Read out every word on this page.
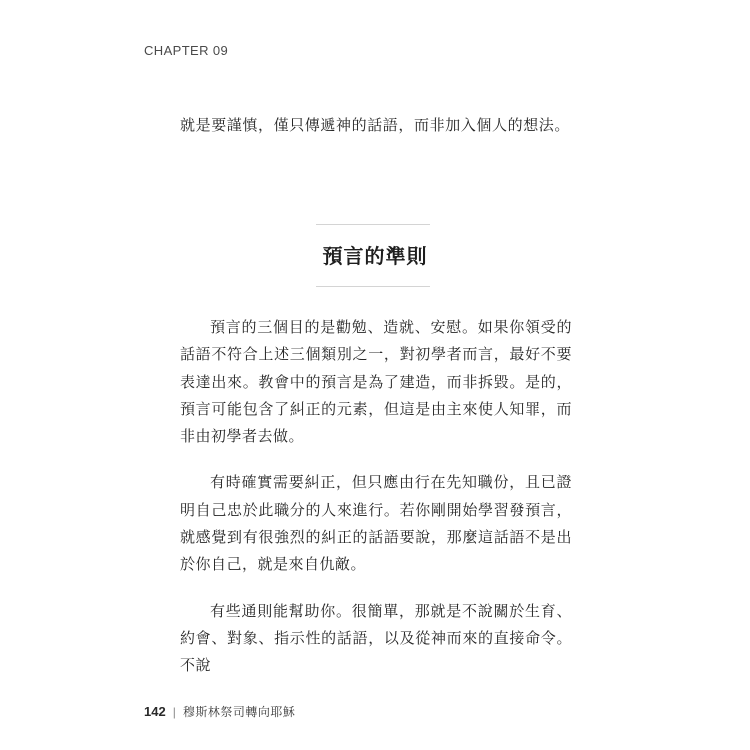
CHAPTER 09

就是要謹慎，僅只傳遞神的話語，而非加入個人的想法。

預言的準則

預言的三個目的是勸勉、造就、安慰。如果你領受的話語不符合上述三個類別之一，對初學者而言，最好不要表達出來。教會中的預言是為了建造，而非拆毀。是的，預言可能包含了糾正的元素，但這是由主來使人知罪，而非由初學者去做。

有時確實需要糾正，但只應由行在先知職份，且已證明自己忠於此職分的人來進行。若你剛開始學習發預言，就感覺到有很強烈的糾正的話語要說，那麼這話語不是出於你自己，就是來自仇敵。

有些通則能幫助你。很簡單，那就是不說關於生育、約會、對象、指示性的話語，以及從神而來的直接命令。不說

142 | 穆斯林祭司轉向耶穌
